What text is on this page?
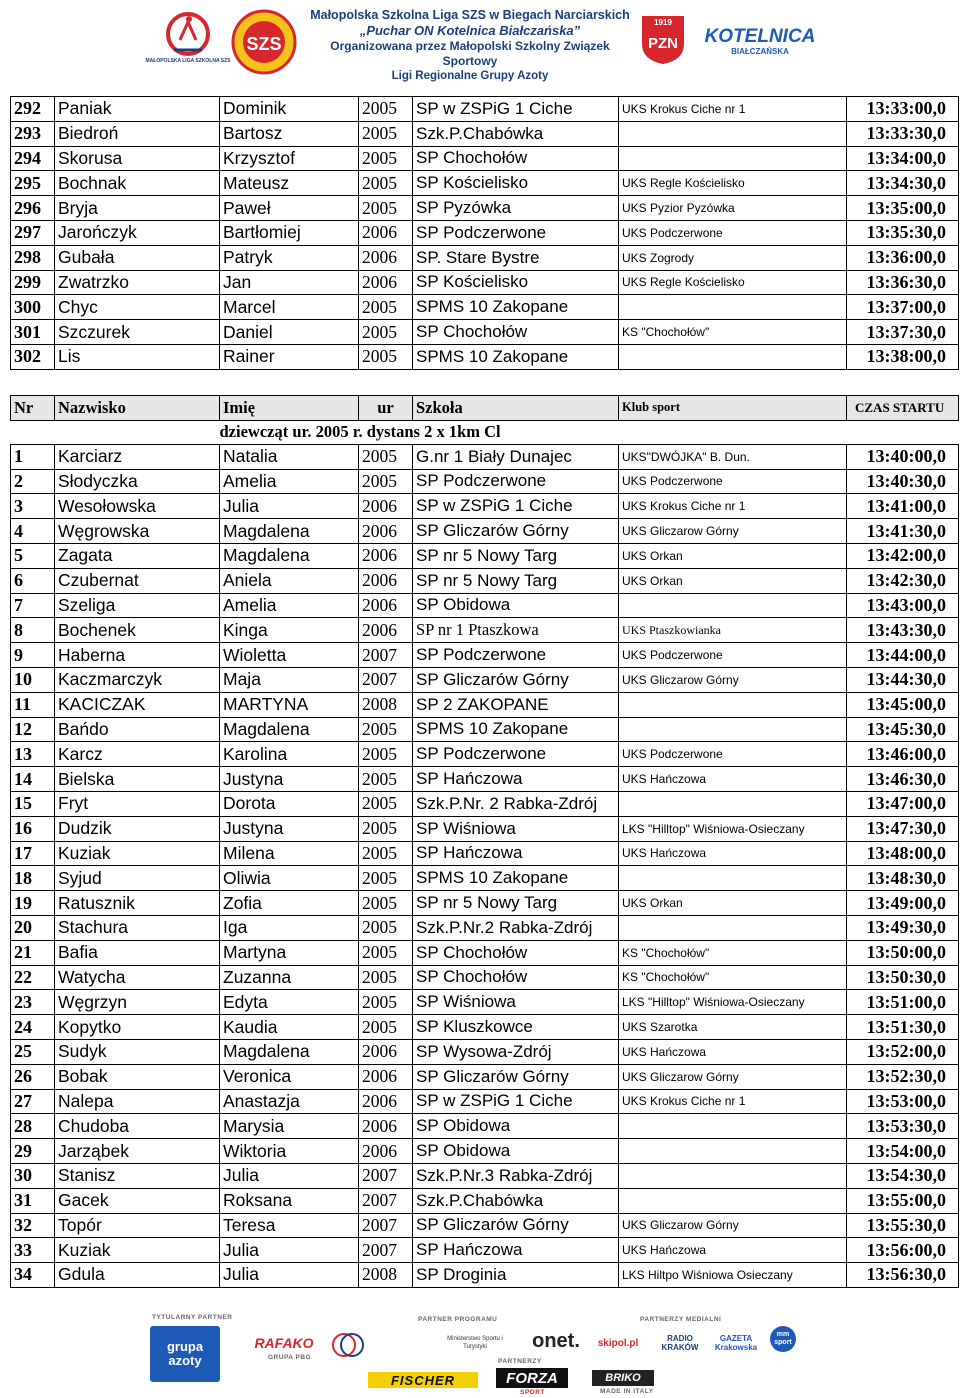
MAŁOPOLSKA LIGA SZKOLNA SZS
SZS
Małopolska Szkolna Liga SZS w Biegach Narciarskich
„Puchar ON Kotelnica Białczańska”
Organizowana przez Małopolski Szkolny Związek Sportowy
Ligi Regionalne Grupy Azoty
1919
PZN KOTELNICA
BIAŁCZAŃSKA
292	Paniak	Dominik	2005	SP w ZSPiG 1 Ciche	UKS Krokus Ciche nr 1	13:33:00,0
293	Biedroń	Bartosz	2005	Szk.P.Chabówka		13:33:30,0
294	Skorusa	Krzysztof	2005	SP Chochołów		13:34:00,0
295	Bochnak	Mateusz	2005	SP Kościelisko	UKS Regle Kościelisko	13:34:30,0
296	Bryja	Paweł	2005	SP Pyzówka	UKS Pyzior Pyzówka	13:35:00,0
297	Jarończyk	Bartłomiej	2006	SP Podczerwone	UKS Podczerwone	13:35:30,0
298	Gubała	Patryk	2006	SP. Stare Bystre	UKS Zogrody	13:36:00,0
299	Zwatrzko	Jan	2006	SP Kościelisko	UKS Regle Kościelisko	13:36:30,0
300	Chyc	Marcel	2005	SPMS 10 Zakopane		13:37:00,0
301	Szczurek	Daniel	2005	SP Chochołów	KS "Chochołów"	13:37:30,0
302	Lis	Rainer	2005	SPMS 10 Zakopane		13:38:00,0
Nr	Nazwisko	Imię	ur	Szkoła	Klub sport	CZAS STARTU
		dziewcząt ur. 2005 r. dystans 2 x 1km Cl				
1	Karciarz	Natalia	2005	G.nr 1 Biały Dunajec	UKS"DWÓJKA" B. Dun.	13:40:00,0
2	Słodyczka	Amelia	2005	SP Podczerwone	UKS Podczerwone	13:40:30,0
3	Wesołowska	Julia	2006	SP w ZSPiG 1 Ciche	UKS Krokus Ciche nr 1	13:41:00,0
4	Węgrowska	Magdalena	2006	SP Gliczarów Górny	UKS Gliczarow Górny	13:41:30,0
5	Zagata	Magdalena	2006	SP nr 5 Nowy Targ	UKS Orkan	13:42:00,0
6	Czubernat	Aniela	2006	SP nr 5 Nowy Targ	UKS Orkan	13:42:30,0
7	Szeliga	Amelia	2006	SP Obidowa		13:43:00,0
8	Bochenek	Kinga	2006	SP nr 1 Ptaszkowa	UKS Ptaszkowianka	13:43:30,0
9	Haberna	Wioletta	2007	SP Podczerwone	UKS Podczerwone	13:44:00,0
10	Kaczmarczyk	Maja	2007	SP Gliczarów Górny	UKS Gliczarow Górny	13:44:30,0
11	KACICZAK	MARTYNA	2008	SP 2 ZAKOPANE		13:45:00,0
12	Bańdo	Magdalena	2005	SPMS 10 Zakopane		13:45:30,0
13	Karcz	Karolina	2005	SP Podczerwone	UKS Podczerwone	13:46:00,0
14	Bielska	Justyna	2005	SP Hańczowa	UKS Hańczowa	13:46:30,0
15	Fryt	Dorota	2005	Szk.P.Nr. 2 Rabka-Zdrój		13:47:00,0
16	Dudzik	Justyna	2005	SP Wiśniowa	LKS "Hilltop" Wiśniowa-Osieczany	13:47:30,0
17	Kuziak	Milena	2005	SP Hańczowa	UKS Hańczowa	13:48:00,0
18	Syjud	Oliwia	2005	SPMS 10 Zakopane		13:48:30,0
19	Ratusznik	Zofia	2005	SP nr 5 Nowy Targ	UKS Orkan	13:49:00,0
20	Stachura	Iga	2005	Szk.P.Nr.2 Rabka-Zdrój		13:49:30,0
21	Bafia	Martyna	2005	SP Chochołów	KS "Chochołów"	13:50:00,0
22	Watycha	Zuzanna	2005	SP Chochołów	KS "Chochołów"	13:50:30,0
23	Węgrzyn	Edyta	2005	SP Wiśniowa	LKS "Hilltop" Wiśniowa-Osieczany	13:51:00,0
24	Kopytko	Kaudia	2005	SP Kluszkowce	UKS Szarotka	13:51:30,0
25	Sudyk	Magdalena	2006	SP Wysowa-Zdrój	UKS Hańczowa	13:52:00,0
26	Bobak	Veronica	2006	SP Gliczarów Górny	UKS Gliczarow Górny	13:52:30,0
27	Nalepa	Anastazja	2006	SP w ZSPiG 1 Ciche	UKS Krokus Ciche nr 1	13:53:00,0
28	Chudoba	Marysia	2006	SP Obidowa		13:53:30,0
29	Jarząbek	Wiktoria	2006	SP Obidowa		13:54:00,0
30	Stanisz	Julia	2007	Szk.P.Nr.3 Rabka-Zdrój		13:54:30,0
31	Gacek	Roksana	2007	Szk.P.Chabówka		13:55:00,0
32	Topór	Teresa	2007	SP Gliczarów Górny	UKS Gliczarow Górny	13:55:30,0
33	Kuziak	Julia	2007	SP Hańczowa	UKS Hańczowa	13:56:00,0
34	Gdula	Julia	2008	SP Droginia	LKS Hiltpo Wiśniowa Osieczany	13:56:30,0
TYTULARNY PARTNER
grupa azoty
RAFAKO
GRUPA PBG
PARTNER PROGRAMU
Ministerstwo Sportu i Turystyki	onet.
PARTNERZY MEDIALNI
skipol.pl	RADIO KRAKÓW
GAZETA Krakowska
mm sport
PARTNERZY
FISCHER	FORZA
SPORT
BRIKO
MADE IN ITALY
